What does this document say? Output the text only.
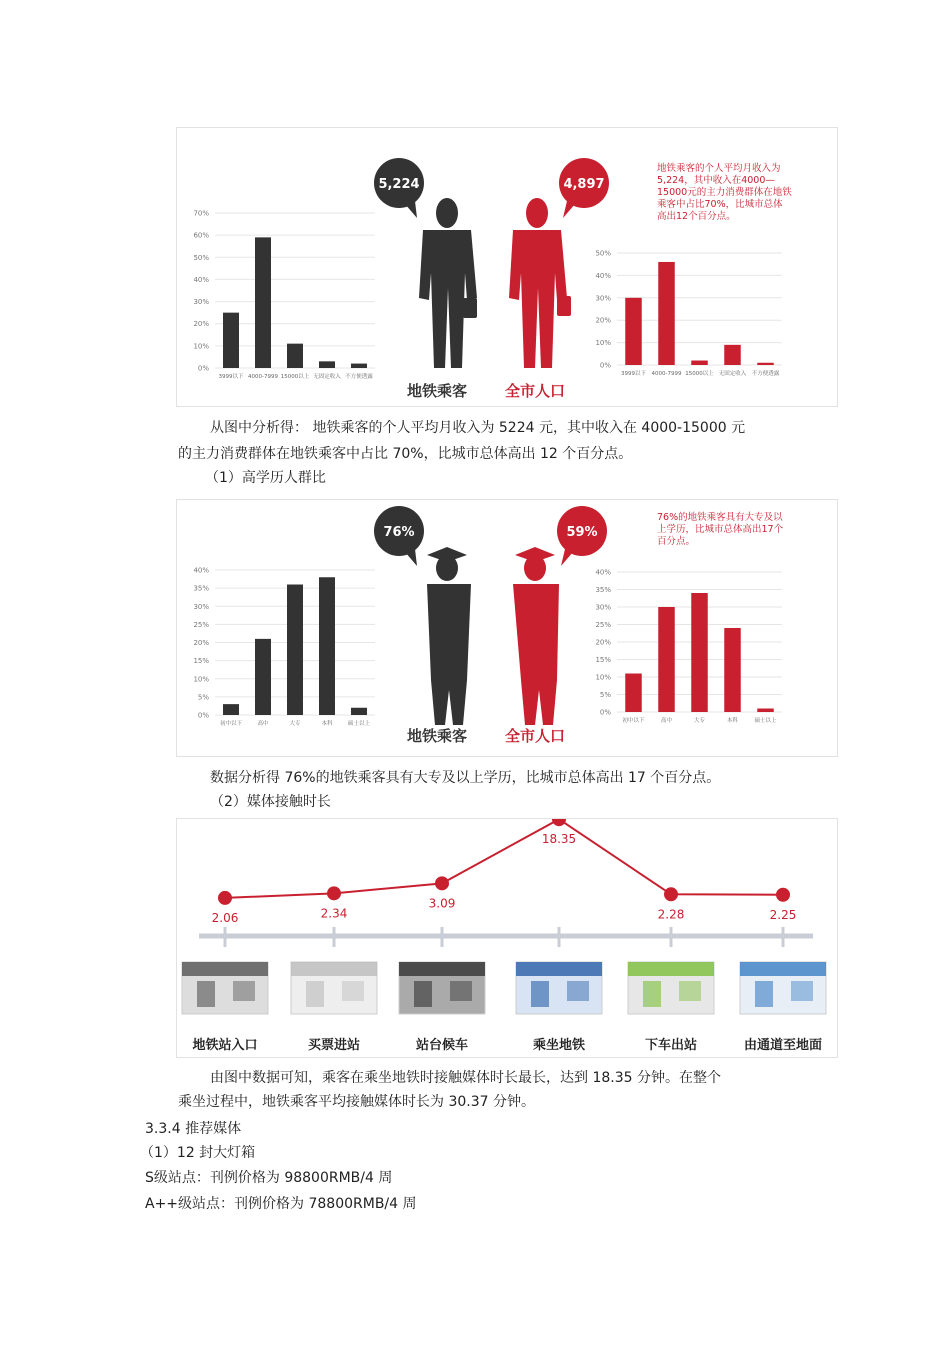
0%
10%
20%
30%
40%
50%
60%
70%
3999以下 4000-7999 15000以上 无固定收入 不方便透露
0%
10%
20%
30%
40%
50%
3999以下 4000-7999 15000以上 无固定收入 不方便透露
5,224	4,897
地铁乘客	全市人口
地铁乘客的个人平均月收入为
5,224，其中收入在4000—
15000元的主力消费群体在地铁
乘客中占比70%，比城市总体
高出12个百分点。
从图中分析得： 地铁乘客的个人平均月收入为 5224 元，其中收入在 4000-15000 元
的主力消费群体在地铁乘客中占比 70%，比城市总体高出 12 个百分点。
（1）高学历人群比
0%
5%
10%
15%
20%
25%
30%
35%
40%
初中以下	高中	大专	本科	硕士以上
0%
5%
10%
15%
20%
25%
30%
35%
40%
初中以下	高中	大专	本科	硕士以上
76%	59%
地铁乘客	全市人口
76%的地铁乘客具有大专及以
上学历，比城市总体高出17个
百分点。
数据分析得 76%的地铁乘客具有大专及以上学历，比城市总体高出 17 个百分点。
（2）媒体接触时长
2.06	2.34
3.09
18.35
2.28	2.25
地铁站入口	买票进站	站台候车	乘坐地铁	下车出站	由通道至地面
由图中数据可知，乘客在乘坐地铁时接触媒体时长最长，达到 18.35 分钟。在整个
乘坐过程中，地铁乘客平均接触媒体时长为 30.37 分钟。
3.3.4 推荐媒体
（1）12 封大灯箱
S级站点：刊例价格为 98800RMB/4 周
A++级站点：刊例价格为 78800RMB/4 周
